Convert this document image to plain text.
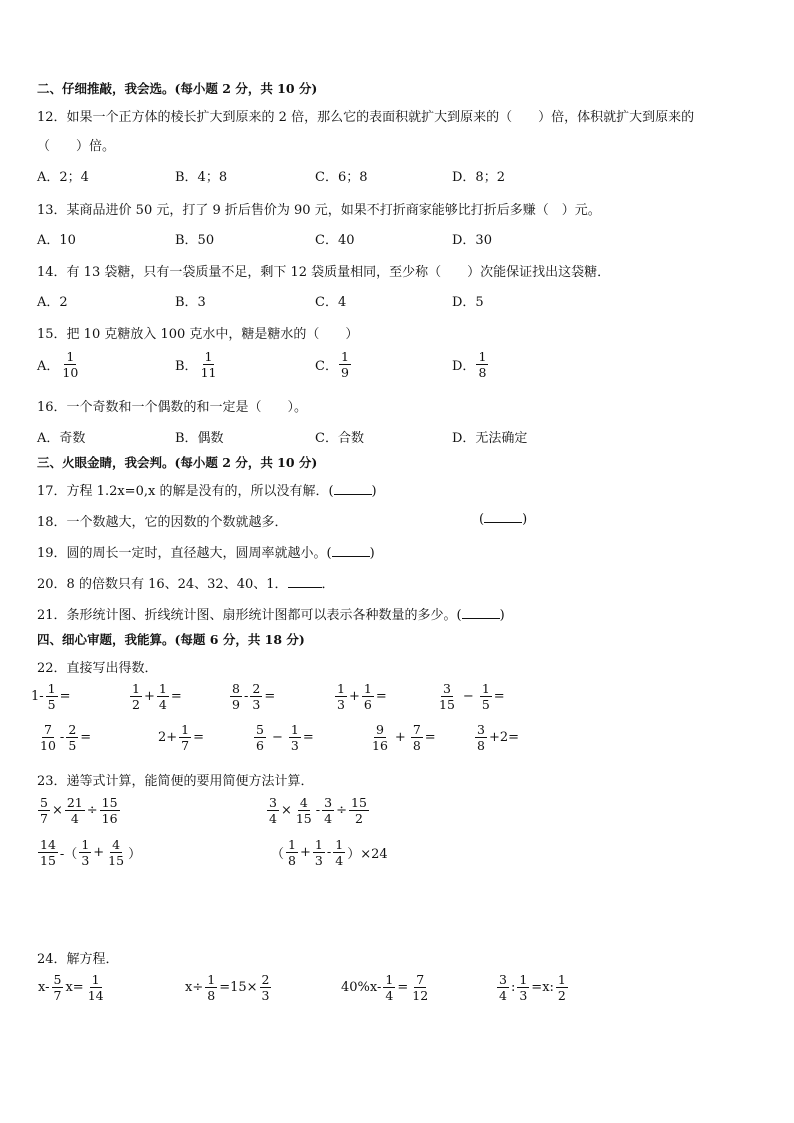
二、仔细推敲，我会选。(每小题 2 分，共 10 分)
12．如果一个正方体的棱长扩大到原来的 2 倍，那么它的表面积就扩大到原来的（　　）倍，体积就扩大到原来的
（　　）倍。
A．2；4	B．4；8	C．6；8	D．8；2
13．某商品进价 50 元，打了 9 折后售价为 90 元，如果不打折商家能够比打折后多赚（　）元。
A．10	B．50	C．40	D．30
14．有 13 袋糖，只有一袋质量不足，剩下 12 袋质量相同，至少称（　　）次能保证找出这袋糖．
A．2	B．3	C．4	D．5
15．把 10 克糖放入 100 克水中，糖是糖水的（　　）
A． $\frac{1}{10}$	B． $\frac{1}{11}$	C． $\frac{1}{9}$	D． $\frac{1}{8}$
16．一个奇数和一个偶数的和一定是（　　）。
A．奇数	B．偶数	C．合数	D．无法确定
三、火眼金睛，我会判。(每小题 2 分，共 10 分)
17．方程 1.2x=0,x 的解是没有的，所以没有解．(	)
18．一个数越大，它的因数的个数就越多．	(	)
19．圆的周长一定时，直径越大，圆周率就越小。(	)
20．8 的倍数只有 16、24、32、40、1．	．
21．条形统计图、折线统计图、扇形统计图都可以表示各种数量的多少。(	)
四、细心审题，我能算。(每题 6 分，共 18 分)
22．直接写出得数．
$1- \frac{1}{5}$ =	$\frac{1}{2} + \frac{1}{4}$ =	$\frac{8}{9} - \frac{2}{3}$ =	$\frac{1}{3} + \frac{1}{6}$ =	$\frac{3}{15} - \frac{1}{5}$ =
$\frac{7}{10} - \frac{2}{5}$ =	$2+ \frac{1}{7}$ =	$\frac{5}{6} - \frac{1}{3}$ =	$\frac{9}{16} + \frac{7}{8}$ =	$\frac{3}{8} +2=$
23．递等式计算，能简便的要用简便方法计算．
$\frac{5}{7} \times \frac{21}{4} \div \frac{15}{16}$	$\frac{3}{4} \times \frac{4}{15} - \frac{3}{4} \div \frac{15}{2}$
$\frac{14}{15}$ -（ $\frac{1}{3} + \frac{4}{15}$ ）	（ $\frac{1}{8} + \frac{1}{3} - \frac{1}{4} )\times 24$
24．解方程．
$x- \frac{5}{7} x= \frac{1}{14}$	$x\div \frac{1}{8} =15\times \frac{2}{3}$	$40\%x- \frac{1}{4} = \frac{7}{12}$	$\frac{3}{4}$ : $\frac{1}{3} =x$: $\frac{1}{2}$
